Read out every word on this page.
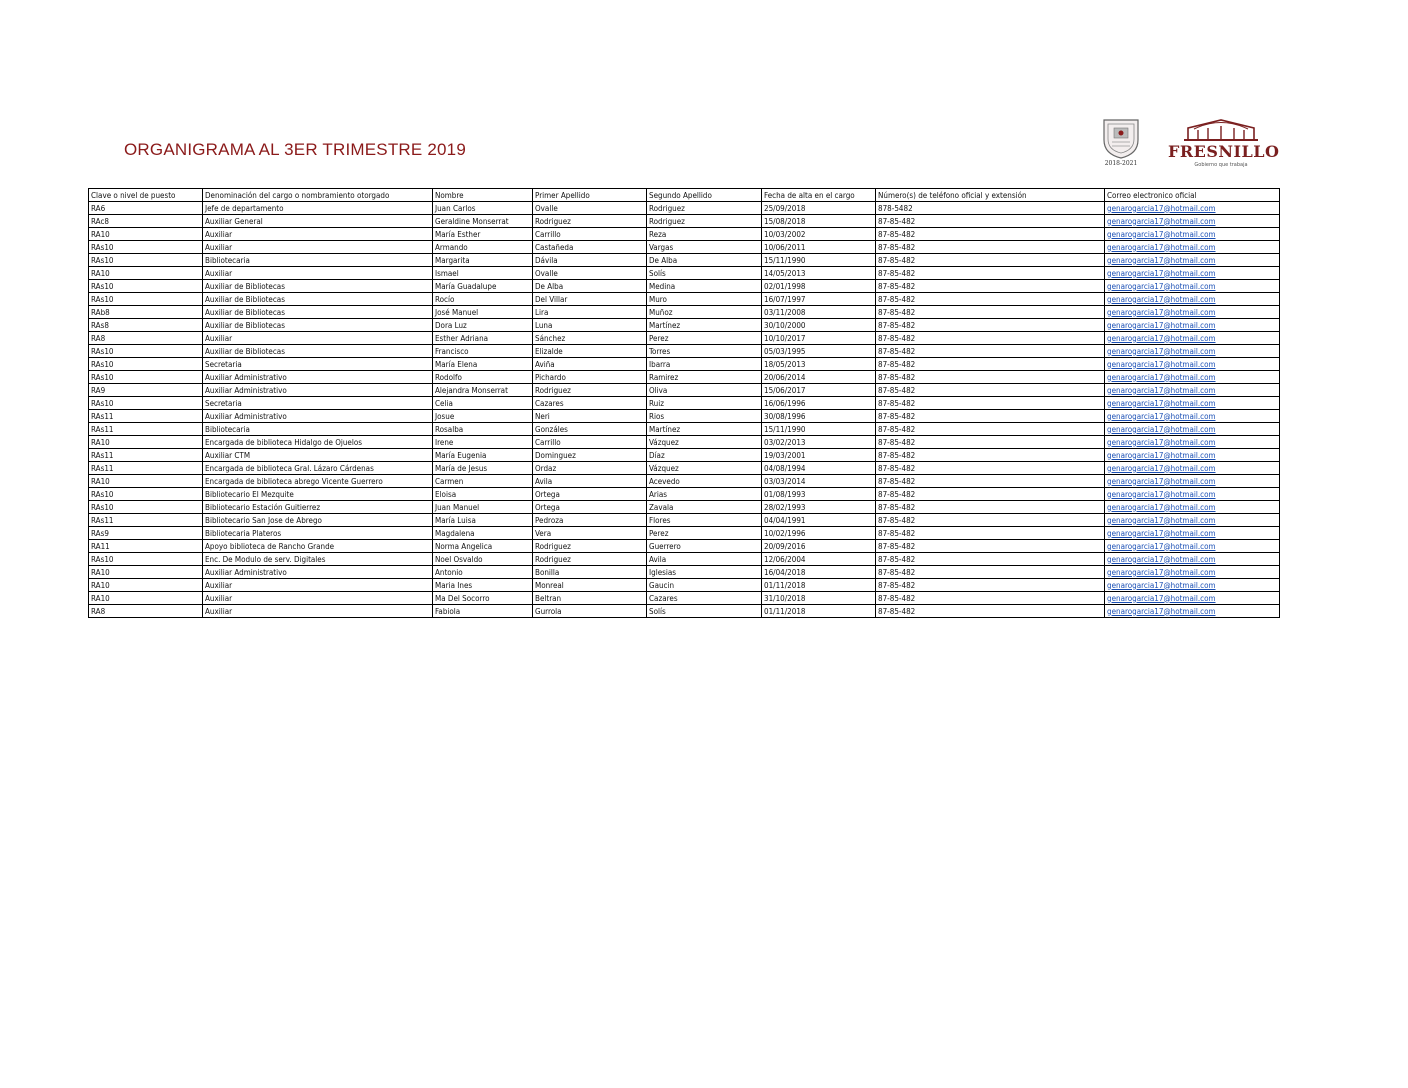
ORGANIGRAMA AL 3ER TRIMESTRE 2019
2018-2021
FRESNILLO
Gobierno que trabaja
Clave o nivel de puesto	Denominación del cargo o nombramiento otorgado	Nombre	Primer Apellido	Segundo Apellido	Fecha de alta en el cargo	Número(s) de teléfono oficial y extensión	Correo electronico oficial
RA6	Jefe de departamento	Juan Carlos	Ovalle	Rodriguez	25/09/2018	878-5482	genarogarcia17@hotmail.com
RAc8	Auxiliar General	Geraldine Monserrat	Rodriguez	Rodriguez	15/08/2018	87-85-482	genarogarcia17@hotmail.com
RA10	Auxiliar	María Esther	Carrillo	Reza	10/03/2002	87-85-482	genarogarcia17@hotmail.com
RAs10	Auxiliar	Armando	Castañeda	Vargas	10/06/2011	87-85-482	genarogarcia17@hotmail.com
RAs10	Bibliotecaria	Margarita	Dávila	De Alba	15/11/1990	87-85-482	genarogarcia17@hotmail.com
RA10	Auxiliar	Ismael	Ovalle	Solís	14/05/2013	87-85-482	genarogarcia17@hotmail.com
RAs10	Auxiliar de Bibliotecas	María Guadalupe	De Alba	Medina	02/01/1998	87-85-482	genarogarcia17@hotmail.com
RAs10	Auxiliar de Bibliotecas	Rocío	Del Villar	Muro	16/07/1997	87-85-482	genarogarcia17@hotmail.com
RAb8	Auxiliar de Bibliotecas	José Manuel	Lira	Muñoz	03/11/2008	87-85-482	genarogarcia17@hotmail.com
RAs8	Auxiliar de Bibliotecas	Dora Luz	Luna	Martínez	30/10/2000	87-85-482	genarogarcia17@hotmail.com
RA8	Auxiliar	Esther Adriana	Sánchez	Perez	10/10/2017	87-85-482	genarogarcia17@hotmail.com
RAs10	Auxiliar de Bibliotecas	Francisco	Elizalde	Torres	05/03/1995	87-85-482	genarogarcia17@hotmail.com
RAs10	Secretaria	María Elena	Aviña	Ibarra	18/05/2013	87-85-482	genarogarcia17@hotmail.com
RAs10	Auxiliar Administrativo	Rodolfo	Pichardo	Ramirez	20/06/2014	87-85-482	genarogarcia17@hotmail.com
RA9	Auxiliar Administrativo	Alejandra Monserrat	Rodriguez	Oliva	15/06/2017	87-85-482	genarogarcia17@hotmail.com
RAs10	Secretaria	Celia	Cazares	Ruiz	16/06/1996	87-85-482	genarogarcia17@hotmail.com
RAs11	Auxiliar Administrativo	Josue	Neri	Rios	30/08/1996	87-85-482	genarogarcia17@hotmail.com
RAs11	Bibliotecaria	Rosalba	Gonzáles	Martínez	15/11/1990	87-85-482	genarogarcia17@hotmail.com
RA10	Encargada de biblioteca Hidalgo de Ojuelos	Irene	Carrillo	Vázquez	03/02/2013	87-85-482	genarogarcia17@hotmail.com
RAs11	Auxiliar CTM	María Eugenia	Dominguez	Díaz	19/03/2001	87-85-482	genarogarcia17@hotmail.com
RAs11	Encargada de biblioteca Gral. Lázaro Cárdenas	María de Jesus	Ordaz	Vázquez	04/08/1994	87-85-482	genarogarcia17@hotmail.com
RA10	Encargada de biblioteca abrego Vicente Guerrero	Carmen	Avila	Acevedo	03/03/2014	87-85-482	genarogarcia17@hotmail.com
RAs10	Bibliotecario El Mezquite	Eloisa	Ortega	Arias	01/08/1993	87-85-482	genarogarcia17@hotmail.com
RAs10	Bibliotecario Estación Guitierrez	Juan Manuel	Ortega	Zavala	28/02/1993	87-85-482	genarogarcia17@hotmail.com
RAs11	Bibliotecario San Jose de Abrego	María Luisa	Pedroza	Flores	04/04/1991	87-85-482	genarogarcia17@hotmail.com
RAs9	Bibliotecaria Plateros	Magdalena	Vera	Perez	10/02/1996	87-85-482	genarogarcia17@hotmail.com
RA11	Apoyo biblioteca de Rancho Grande	Norma Angelica	Rodriguez	Guerrero	20/09/2016	87-85-482	genarogarcia17@hotmail.com
RAs10	Enc. De Modulo de serv. Digitales	Noel Osvaldo	Rodriguez	Avila	12/06/2004	87-85-482	genarogarcia17@hotmail.com
RA10	Auxiliar Administrativo	Antonio	Bonilla	Iglesias	16/04/2018	87-85-482	genarogarcia17@hotmail.com
RA10	Auxiliar	Maria Ines	Monreal	Gaucin	01/11/2018	87-85-482	genarogarcia17@hotmail.com
RA10	Auxiliar	Ma Del Socorro	Beltran	Cazares	31/10/2018	87-85-482	genarogarcia17@hotmail.com
RA8	Auxiliar	Fabiola	Gurrola	Solís	01/11/2018	87-85-482	genarogarcia17@hotmail.com
